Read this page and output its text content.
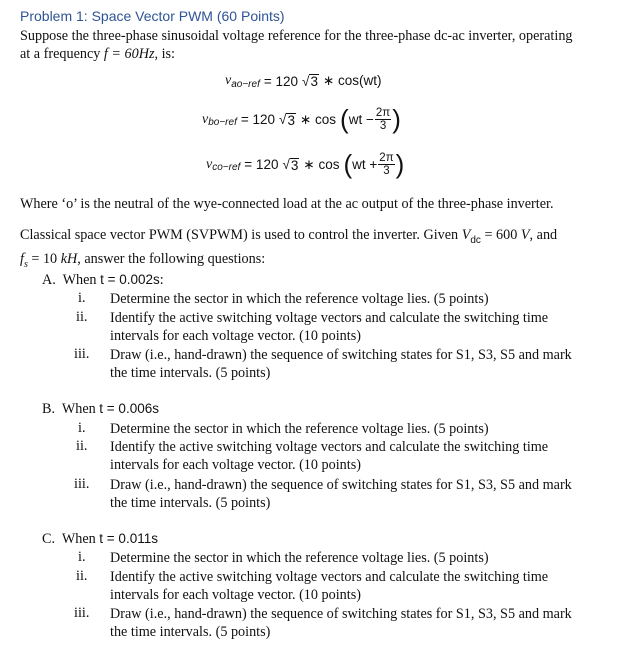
Problem 1: Space Vector PWM (60 Points)
Suppose the three-phase sinusoidal voltage reference for the three-phase dc-ac inverter, operating
at a frequency f = 60Hz, is:
v ao−ref = 120 √ 3 ∗ cos(wt)
v bo−ref = 120 √ 3 ∗ cos ( wt − $\frac{2\pi}{3}$ )
v co−ref = 120 √ 3 ∗ cos ( wt + $\frac{2\pi}{3}$ )
Where ‘o’ is the neutral of the wye-connected load at the ac output of the three-phase inverter.
Classical space vector PWM (SVPWM) is used to control the inverter. Given $V_{dc} = 600$ V, and
$f_s = 10$ kH, answer the following questions:
A. When t = 0.002s:
i. Determine the sector in which the reference voltage lies. (5 points)
ii. Identify the active switching voltage vectors and calculate the switching time
intervals for each voltage vector. (10 points)
iii. Draw (i.e., hand-drawn) the sequence of switching states for S1, S3, S5 and mark
the time intervals. (5 points)
B. When t = 0.006s
i. Determine the sector in which the reference voltage lies. (5 points)
ii. Identify the active switching voltage vectors and calculate the switching time
intervals for each voltage vector. (10 points)
iii. Draw (i.e., hand-drawn) the sequence of switching states for S1, S3, S5 and mark
the time intervals. (5 points)
C. When t = 0.011s
i. Determine the sector in which the reference voltage lies. (5 points)
ii. Identify the active switching voltage vectors and calculate the switching time
intervals for each voltage vector. (10 points)
iii. Draw (i.e., hand-drawn) the sequence of switching states for S1, S3, S5 and mark
the time intervals. (5 points)
